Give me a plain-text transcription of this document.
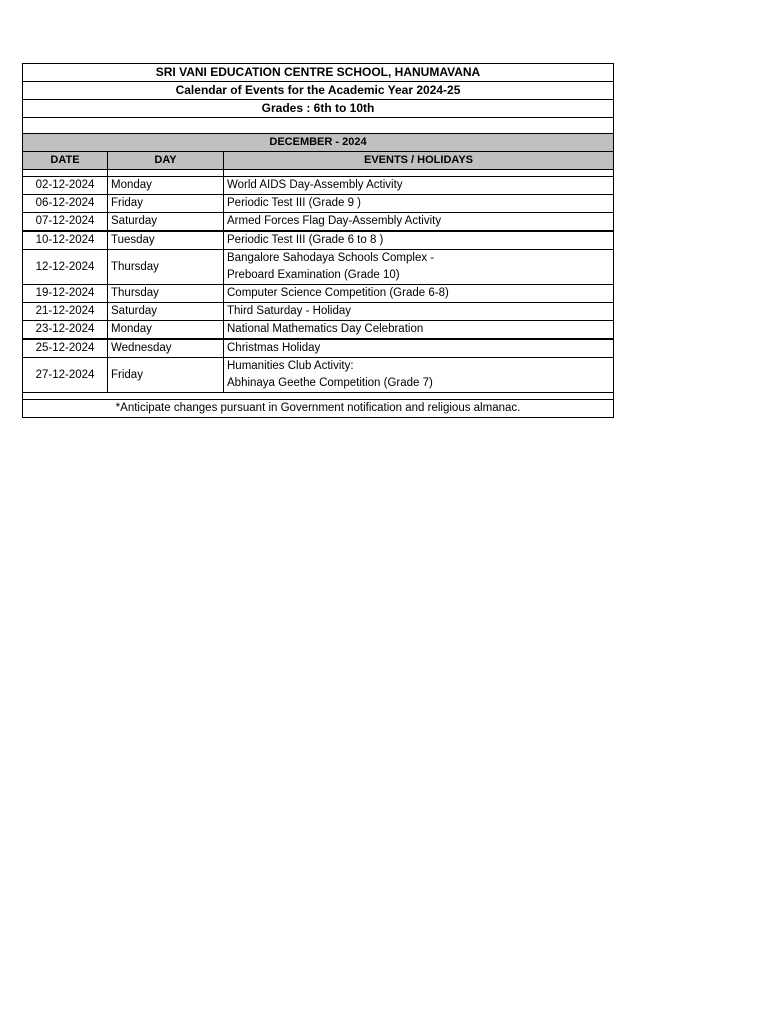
SRI VANI EDUCATION CENTRE SCHOOL, HANUMAVANA		
Calendar of Events for the Academic Year 2024-25		
Grades : 6th to 10th		

DECEMBER - 2024		
DATE	DAY	EVENTS / HOLIDAYS

02-12-2024	Monday	World AIDS Day-Assembly Activity
06-12-2024	Friday	Periodic Test III (Grade 9 )
07-12-2024	Saturday	Armed Forces Flag Day-Assembly Activity
10-12-2024	Tuesday	Periodic Test III (Grade 6 to 8 )
12-12-2024	Thursday	Bangalore Sahodaya Schools Complex -
Preboard Examination (Grade 10)

19-12-2024	Thursday	Computer Science Competition (Grade 6-8)
21-12-2024	Saturday	Third Saturday - Holiday
23-12-2024	Monday	National Mathematics Day Celebration
25-12-2024	Wednesday	Christmas Holiday
27-12-2024	Friday	Humanities Club Activity:
Abhinaya Geethe Competition (Grade 7)

*Anticipate changes pursuant in Government notification and religious almanac.		
